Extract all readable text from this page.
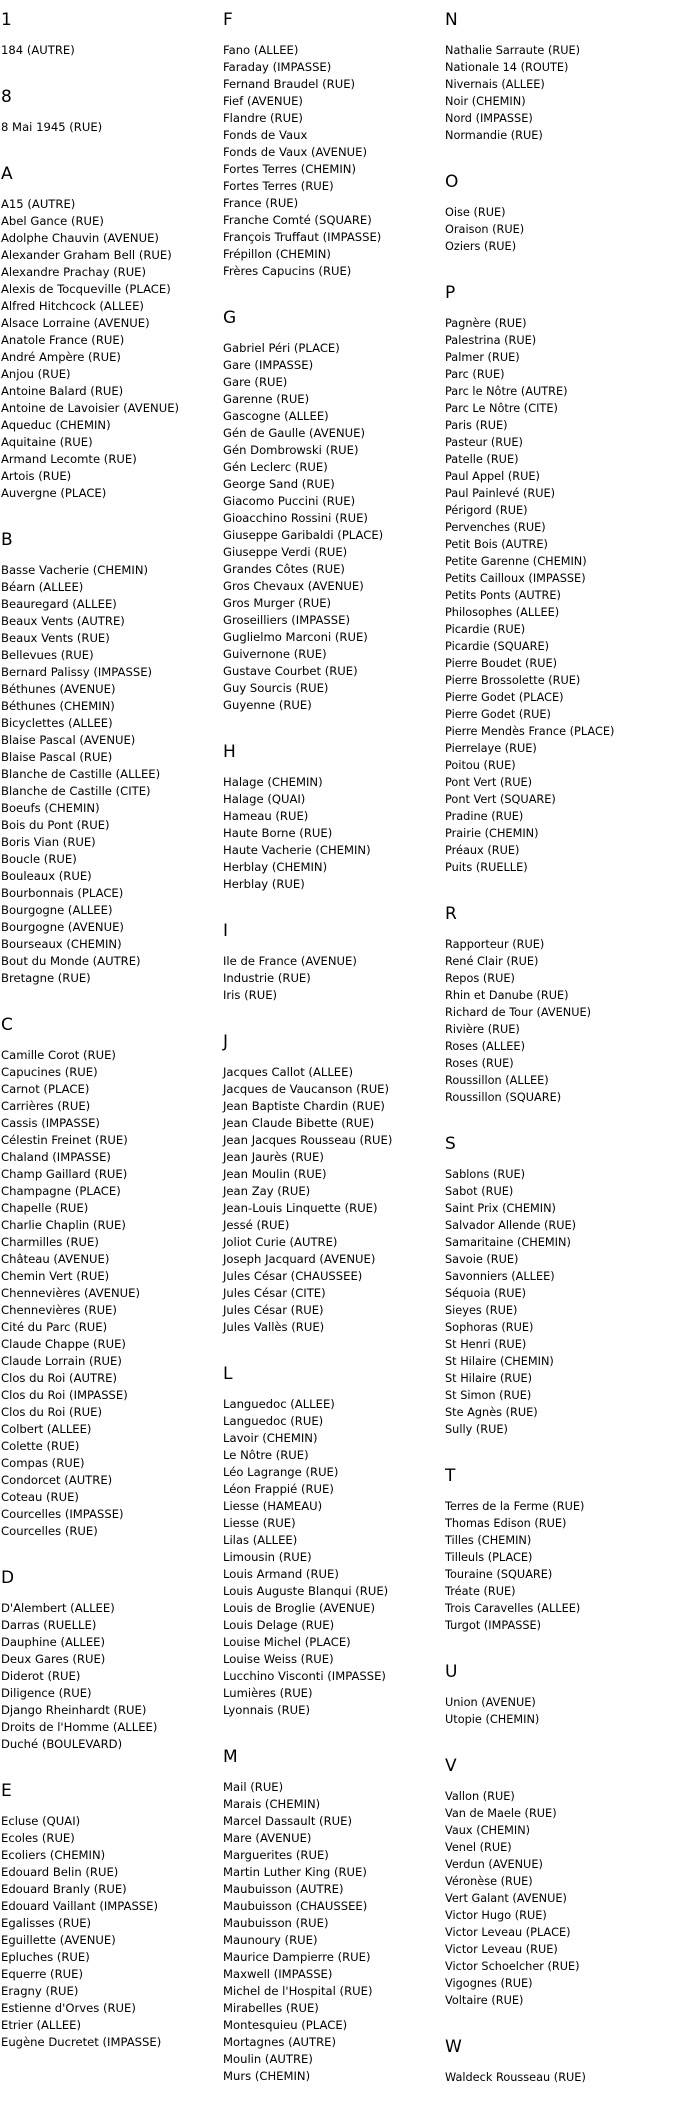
1
184 (AUTRE)
8
8 Mai 1945 (RUE)
A
A15 (AUTRE)
Abel Gance (RUE)
Adolphe Chauvin (AVENUE)
Alexander Graham Bell (RUE)
Alexandre Prachay (RUE)
Alexis de Tocqueville (PLACE)
Alfred Hitchcock (ALLEE)
Alsace Lorraine (AVENUE)
Anatole France (RUE)
André Ampère (RUE)
Anjou (RUE)
Antoine Balard (RUE)
Antoine de Lavoisier (AVENUE)
Aqueduc (CHEMIN)
Aquitaine (RUE)
Armand Lecomte (RUE)
Artois (RUE)
Auvergne (PLACE)
B
Basse Vacherie (CHEMIN)
Béarn (ALLEE)
Beauregard (ALLEE)
Beaux Vents (AUTRE)
Beaux Vents (RUE)
Bellevues (RUE)
Bernard Palissy (IMPASSE)
Béthunes (AVENUE)
Béthunes (CHEMIN)
Bicyclettes (ALLEE)
Blaise Pascal (AVENUE)
Blaise Pascal (RUE)
Blanche de Castille (ALLEE)
Blanche de Castille (CITE)
Boeufs (CHEMIN)
Bois du Pont (RUE)
Boris Vian (RUE)
Boucle (RUE)
Bouleaux (RUE)
Bourbonnais (PLACE)
Bourgogne (ALLEE)
Bourgogne (AVENUE)
Bourseaux (CHEMIN)
Bout du Monde (AUTRE)
Bretagne (RUE)
C
Camille Corot (RUE)
Capucines (RUE)
Carnot (PLACE)
Carrières (RUE)
Cassis (IMPASSE)
Célestin Freinet (RUE)
Chaland (IMPASSE)
Champ Gaillard (RUE)
Champagne (PLACE)
Chapelle (RUE)
Charlie Chaplin (RUE)
Charmilles (RUE)
Château (AVENUE)
Chemin Vert (RUE)
Chennevières (AVENUE)
Chennevières (RUE)
Cité du Parc (RUE)
Claude Chappe (RUE)
Claude Lorrain (RUE)
Clos du Roi (AUTRE)
Clos du Roi (IMPASSE)
Clos du Roi (RUE)
Colbert (ALLEE)
Colette (RUE)
Compas (RUE)
Condorcet (AUTRE)
Coteau (RUE)
Courcelles (IMPASSE)
Courcelles (RUE)
D
D'Alembert (ALLEE)
Darras (RUELLE)
Dauphine (ALLEE)
Deux Gares (RUE)
Diderot (RUE)
Diligence (RUE)
Django Rheinhardt (RUE)
Droits de l'Homme (ALLEE)
Duché (BOULEVARD)
E
Ecluse (QUAI)
Ecoles (RUE)
Ecoliers (CHEMIN)
Edouard Belin (RUE)
Edouard Branly (RUE)
Edouard Vaillant (IMPASSE)
Egalisses (RUE)
Eguillette (AVENUE)
Epluches (RUE)
Equerre (RUE)
Eragny (RUE)
Estienne d'Orves (RUE)
Etrier (ALLEE)
Eugène Ducretet (IMPASSE)
F
Fano (ALLEE)
Faraday (IMPASSE)
Fernand Braudel (RUE)
Fief (AVENUE)
Flandre (RUE)
Fonds de Vaux
Fonds de Vaux (AVENUE)
Fortes Terres (CHEMIN)
Fortes Terres (RUE)
France (RUE)
Franche Comté (SQUARE)
François Truffaut (IMPASSE)
Frépillon (CHEMIN)
Frères Capucins (RUE)
G
Gabriel Péri (PLACE)
Gare (IMPASSE)
Gare (RUE)
Garenne (RUE)
Gascogne (ALLEE)
Gén de Gaulle (AVENUE)
Gén Dombrowski (RUE)
Gén Leclerc (RUE)
George Sand (RUE)
Giacomo Puccini (RUE)
Gioacchino Rossini (RUE)
Giuseppe Garibaldi (PLACE)
Giuseppe Verdi (RUE)
Grandes Côtes (RUE)
Gros Chevaux (AVENUE)
Gros Murger (RUE)
Groseilliers (IMPASSE)
Guglielmo Marconi (RUE)
Guivernone (RUE)
Gustave Courbet (RUE)
Guy Sourcis (RUE)
Guyenne (RUE)
H
Halage (CHEMIN)
Halage (QUAI)
Hameau (RUE)
Haute Borne (RUE)
Haute Vacherie (CHEMIN)
Herblay (CHEMIN)
Herblay (RUE)
I
Ile de France (AVENUE)
Industrie (RUE)
Iris (RUE)
J
Jacques Callot (ALLEE)
Jacques de Vaucanson (RUE)
Jean Baptiste Chardin (RUE)
Jean Claude Bibette (RUE)
Jean Jacques Rousseau (RUE)
Jean Jaurès (RUE)
Jean Moulin (RUE)
Jean Zay (RUE)
Jean-Louis Linquette (RUE)
Jessé (RUE)
Joliot Curie (AUTRE)
Joseph Jacquard (AVENUE)
Jules César (CHAUSSEE)
Jules César (CITE)
Jules César (RUE)
Jules Vallès (RUE)
L
Languedoc (ALLEE)
Languedoc (RUE)
Lavoir (CHEMIN)
Le Nôtre (RUE)
Léo Lagrange (RUE)
Léon Frappié (RUE)
Liesse (HAMEAU)
Liesse (RUE)
Lilas (ALLEE)
Limousin (RUE)
Louis Armand (RUE)
Louis Auguste Blanqui (RUE)
Louis de Broglie (AVENUE)
Louis Delage (RUE)
Louise Michel (PLACE)
Louise Weiss (RUE)
Lucchino Visconti (IMPASSE)
Lumières (RUE)
Lyonnais (RUE)
M
Mail (RUE)
Marais (CHEMIN)
Marcel Dassault (RUE)
Mare (AVENUE)
Marguerites (RUE)
Martin Luther King (RUE)
Maubuisson (AUTRE)
Maubuisson (CHAUSSEE)
Maubuisson (RUE)
Maunoury (RUE)
Maurice Dampierre (RUE)
Maxwell (IMPASSE)
Michel de l'Hospital (RUE)
Mirabelles (RUE)
Montesquieu (PLACE)
Mortagnes (AUTRE)
Moulin (AUTRE)
Murs (CHEMIN)
N
Nathalie Sarraute (RUE)
Nationale 14 (ROUTE)
Nivernais (ALLEE)
Noir (CHEMIN)
Nord (IMPASSE)
Normandie (RUE)
O
Oise (RUE)
Oraison (RUE)
Oziers (RUE)
P
Pagnère (RUE)
Palestrina (RUE)
Palmer (RUE)
Parc (RUE)
Parc le Nôtre (AUTRE)
Parc Le Nôtre (CITE)
Paris (RUE)
Pasteur (RUE)
Patelle (RUE)
Paul Appel (RUE)
Paul Painlevé (RUE)
Périgord (RUE)
Pervenches (RUE)
Petit Bois (AUTRE)
Petite Garenne (CHEMIN)
Petits Cailloux (IMPASSE)
Petits Ponts (AUTRE)
Philosophes (ALLEE)
Picardie (RUE)
Picardie (SQUARE)
Pierre Boudet (RUE)
Pierre Brossolette (RUE)
Pierre Godet (PLACE)
Pierre Godet (RUE)
Pierre Mendès France (PLACE)
Pierrelaye (RUE)
Poitou (RUE)
Pont Vert (RUE)
Pont Vert (SQUARE)
Pradine (RUE)
Prairie (CHEMIN)
Préaux (RUE)
Puits (RUELLE)
R
Rapporteur (RUE)
René Clair (RUE)
Repos (RUE)
Rhin et Danube (RUE)
Richard de Tour (AVENUE)
Rivière (RUE)
Roses (ALLEE)
Roses (RUE)
Roussillon (ALLEE)
Roussillon (SQUARE)
S
Sablons (RUE)
Sabot (RUE)
Saint Prix (CHEMIN)
Salvador Allende (RUE)
Samaritaine (CHEMIN)
Savoie (RUE)
Savonniers (ALLEE)
Séquoia (RUE)
Sieyes (RUE)
Sophoras (RUE)
St Henri (RUE)
St Hilaire (CHEMIN)
St Hilaire (RUE)
St Simon (RUE)
Ste Agnès (RUE)
Sully (RUE)
T
Terres de la Ferme (RUE)
Thomas Edison (RUE)
Tilles (CHEMIN)
Tilleuls (PLACE)
Touraine (SQUARE)
Tréate (RUE)
Trois Caravelles (ALLEE)
Turgot (IMPASSE)
U
Union (AVENUE)
Utopie (CHEMIN)
V
Vallon (RUE)
Van de Maele (RUE)
Vaux (CHEMIN)
Venel (RUE)
Verdun (AVENUE)
Véronèse (RUE)
Vert Galant (AVENUE)
Victor Hugo (RUE)
Victor Leveau (PLACE)
Victor Leveau (RUE)
Victor Schoelcher (RUE)
Vigognes (RUE)
Voltaire (RUE)
W
Waldeck Rousseau (RUE)
